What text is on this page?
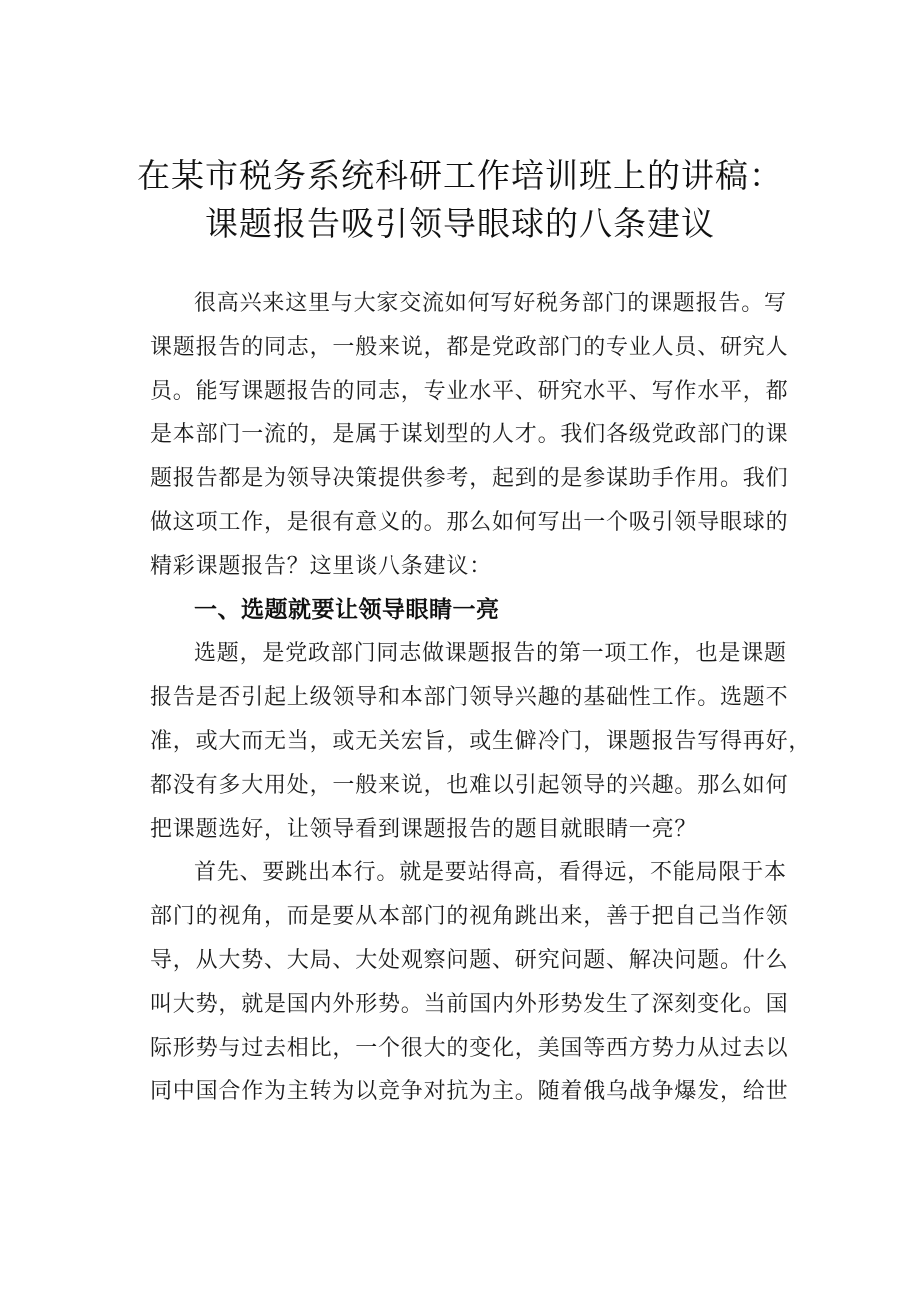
在某市税务系统科研工作培训班上的讲稿：
课题报告吸引领导眼球的八条建议

很高兴来这里与大家交流如何写好税务部门的课题报告。写
课题报告的同志，一般来说，都是党政部门的专业人员、研究人
员。能写课题报告的同志，专业水平、研究水平、写作水平，都
是本部门一流的，是属于谋划型的人才。我们各级党政部门的课
题报告都是为领导决策提供参考，起到的是参谋助手作用。我们
做这项工作，是很有意义的。那么如何写出一个吸引领导眼球的
精彩课题报告？这里谈八条建议：

一、选题就要让领导眼睛一亮

选题，是党政部门同志做课题报告的第一项工作，也是课题
报告是否引起上级领导和本部门领导兴趣的基础性工作。选题不
准，或大而无当，或无关宏旨，或生僻冷门，课题报告写得再好，
都没有多大用处，一般来说，也难以引起领导的兴趣。那么如何
把课题选好，让领导看到课题报告的题目就眼睛一亮？

首先、要跳出本行。就是要站得高，看得远，不能局限于本
部门的视角，而是要从本部门的视角跳出来，善于把自己当作领
导，从大势、大局、大处观察问题、研究问题、解决问题。什么
叫大势，就是国内外形势。当前国内外形势发生了深刻变化。国
际形势与过去相比，一个很大的变化，美国等西方势力从过去以
同中国合作为主转为以竞争对抗为主。随着俄乌战争爆发，给世
